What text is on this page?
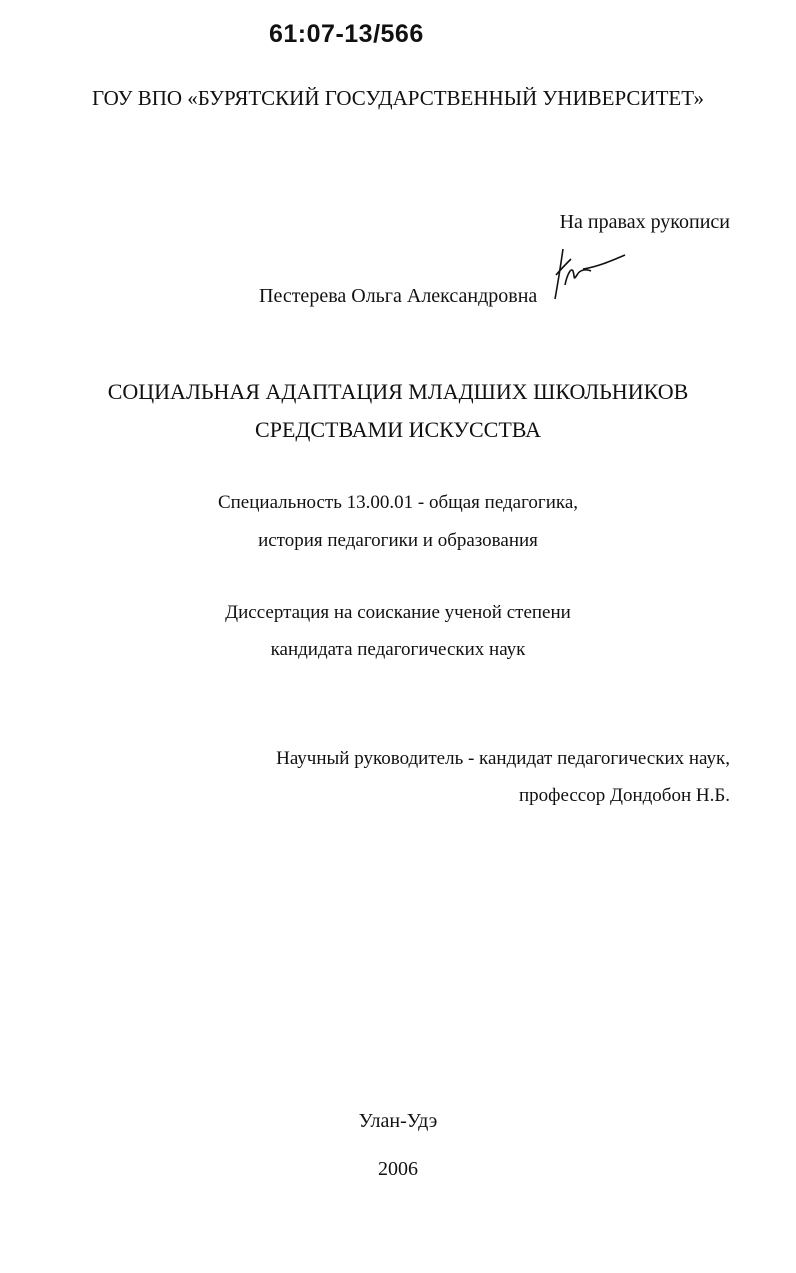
61:07-13/566
ГОУ ВПО «БУРЯТСКИЙ ГОСУДАРСТВЕННЫЙ УНИВЕРСИТЕТ»
На правах рукописи
Пестерева Ольга Александровна
СОЦИАЛЬНАЯ АДАПТАЦИЯ МЛАДШИХ ШКОЛЬНИКОВ
СРЕДСТВАМИ ИСКУССТВА
Специальность 13.00.01 - общая педагогика,
история педагогики и образования
Диссертация на соискание ученой степени
кандидата педагогических наук
Научный руководитель - кандидат педагогических наук,
профессор Дондобон Н.Б.
Улан-Удэ
2006
